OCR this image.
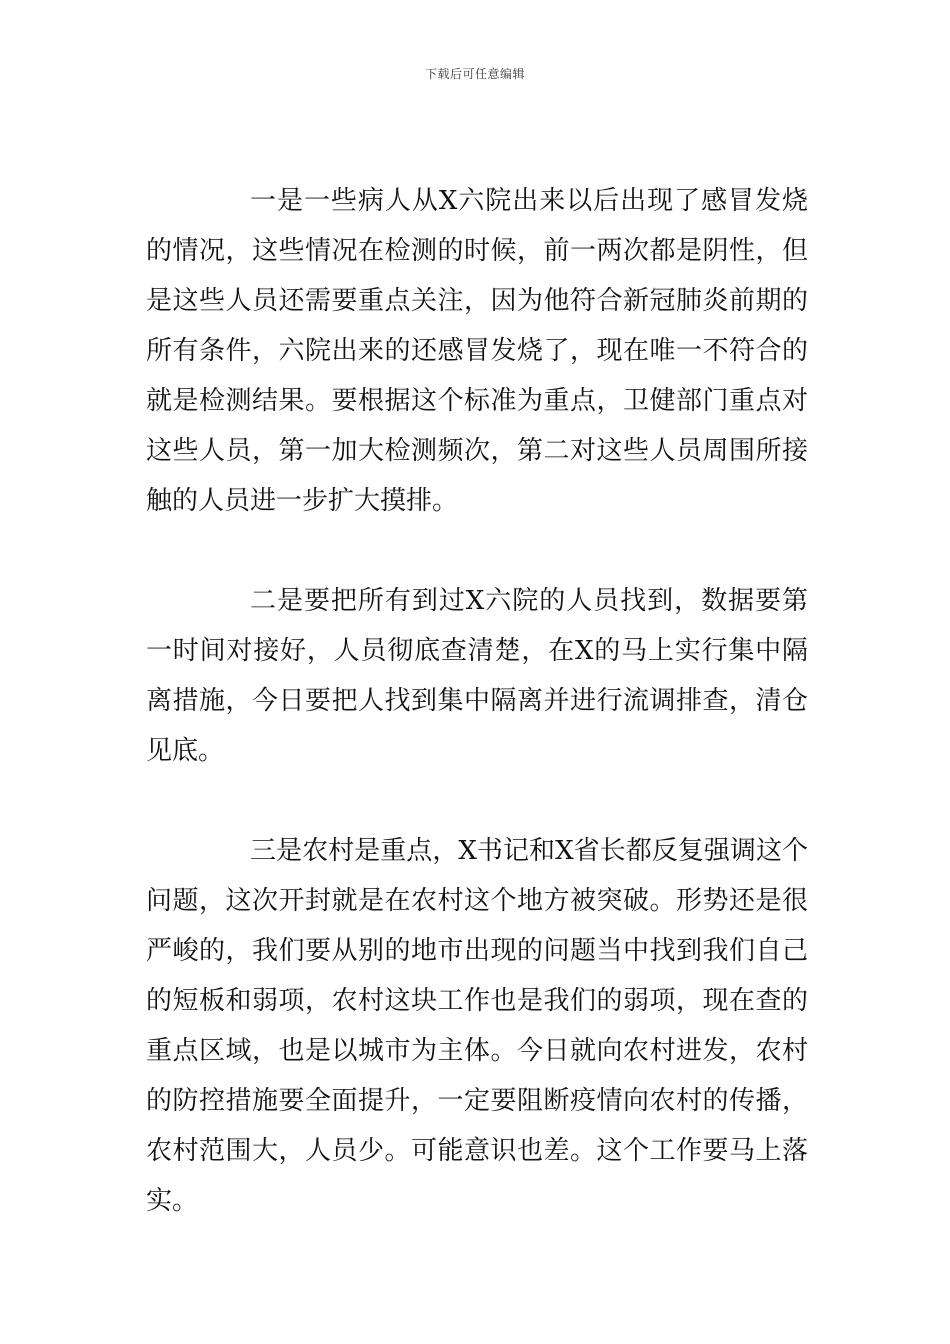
下载后可任意编辑

一是一些病人从X六院出来以后出现了感冒发烧的情况，这些情况在检测的时候，前一两次都是阴性，但是这些人员还需要重点关注，因为他符合新冠肺炎前期的所有条件，六院出来的还感冒发烧了，现在唯一不符合的就是检测结果。要根据这个标准为重点，卫健部门重点对这些人员，第一加大检测频次，第二对这些人员周围所接触的人员进一步扩大摸排。

二是要把所有到过X六院的人员找到，数据要第一时间对接好，人员彻底查清楚，在X的马上实行集中隔离措施，今日要把人找到集中隔离并进行流调排查，清仓见底。

三是农村是重点，X书记和X省长都反复强调这个问题，这次开封就是在农村这个地方被突破。形势还是很严峻的，我们要从别的地市出现的问题当中找到我们自己的短板和弱项，农村这块工作也是我们的弱项，现在查的重点区域，也是以城市为主体。今日就向农村进发，农村的防控措施要全面提升，一定要阻断疫情向农村的传播，农村范围大，人员少。可能意识也差。这个工作要马上落实。
